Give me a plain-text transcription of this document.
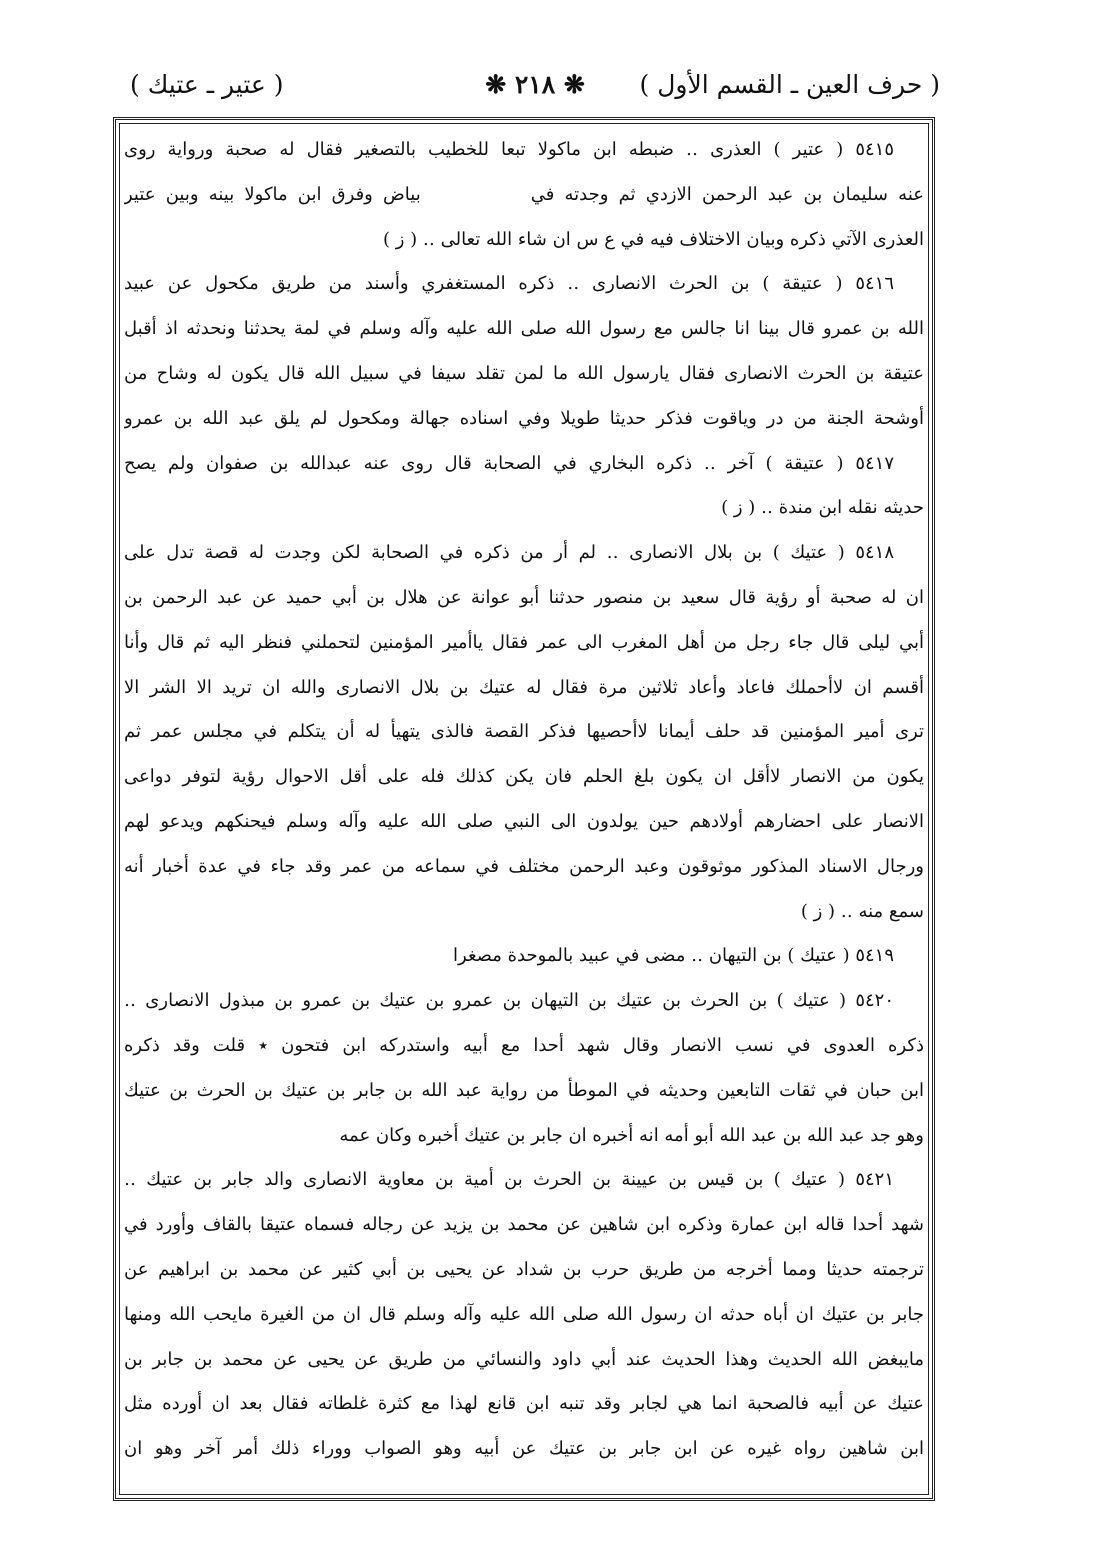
( حرف العين ـ القسم الأول )
❋ ٢١٨ ❋
( عتير ـ عتيك )
٥٤١٥ ( عتير ) العذرى ‥ ضبطه ابن ماكولا تبعا للخطيب بالتصغير فقال له صحبة ورواية روى
عنه سليمان بن عبد الرحمن الازدي ثم وجدته فيبياض وفرق ابن ماكولا بينه وبين عتير
العذرى الآتي ذكره وبيان الاختلاف فيه في ع س ان شاء الله تعالى ‥ ( ز )
٥٤١٦ ( عتيقة ) بن الحرث الانصارى ‥ ذكره المستغفري وأسند من طريق مكحول عن عبيد
الله بن عمرو قال بينا انا جالس مع رسول الله صلى الله عليه وآله وسلم في لمة يحدثنا ونحدثه اذ أقبل
عتيقة بن الحرث الانصارى فقال يارسول الله ما لمن تقلد سيفا في سبيل الله قال يكون له وشاح من
أوشحة الجنة من در وياقوت فذكر حديثا طويلا وفي اسناده جهالة ومكحول لم يلق عبد الله بن عمرو
٥٤١٧ ( عتيقة ) آخر ‥ ذكره البخاري في الصحابة قال روى عنه عبدالله بن صفوان ولم يصح
حديثه نقله ابن مندة ‥ ( ز )
٥٤١٨ ( عتيك ) بن بلال الانصارى ‥ لم أر من ذكره في الصحابة لكن وجدت له قصة تدل على
ان له صحبة أو رؤية قال سعيد بن منصور حدثنا أبو عوانة عن هلال بن أبي حميد عن عبد الرحمن بن
أبي ليلى قال جاء رجل من أهل المغرب الى عمر فقال ياأمير المؤمنين لتحملني فنظر اليه ثم قال وأنا
أقسم ان لاأحملك فاعاد وأعاد ثلاثين مرة فقال له عتيك بن بلال الانصارى والله ان تريد الا الشر الا
ترى أمير المؤمنين قد حلف أيمانا لاأحصيها فذكر القصة فالذى يتهيأ له أن يتكلم في مجلس عمر ثم
يكون من الانصار لاأقل ان يكون بلغ الحلم فان يكن كذلك فله على أقل الاحوال رؤية لتوفر دواعى
الانصار على احضارهم أولادهم حين يولدون الى النبي صلى الله عليه وآله وسلم فيحنكهم ويدعو لهم
ورجال الاسناد المذكور موثوقون وعبد الرحمن مختلف في سماعه من عمر وقد جاء في عدة أخبار أنه
سمع منه ‥ ( ز )
٥٤١٩ ( عتيك ) بن التيهان ‥ مضى في عبيد بالموحدة مصغرا
٥٤٢٠ ( عتيك ) بن الحرث بن عتيك بن التيهان بن عمرو بن عتيك بن عمرو بن مبذول الانصارى ‥
ذكره العدوى في نسب الانصار وقال شهد أحدا مع أبيه واستدركه ابن فتحون ٭ قلت وقد ذكره
ابن حبان في ثقات التابعين وحديثه في الموطأ من رواية عبد الله بن جابر بن عتيك بن الحرث بن عتيك
وهو جد عبد الله بن عبد الله أبو أمه انه أخبره ان جابر بن عتيك أخبره وكان عمه
٥٤٢١ ( عتيك ) بن قيس بن عيينة بن الحرث بن أمية بن معاوية الانصارى والد جابر بن عتيك ‥
شهد أحدا قاله ابن عمارة وذكره ابن شاهين عن محمد بن يزيد عن رجاله فسماه عتيقا بالقاف وأورد في
ترجمته حديثا ومما أخرجه من طريق حرب بن شداد عن يحيى بن أبي كثير عن محمد بن ابراهيم عن
جابر بن عتيك ان أباه حدثه ان رسول الله صلى الله عليه وآله وسلم قال ان من الغيرة مايحب الله ومنها
مايبغض الله الحديث وهذا الحديث عند أبي داود والنسائي من طريق عن يحيى عن محمد بن جابر بن
عتيك عن أبيه فالصحبة انما هي لجابر وقد تنبه ابن قانع لهذا مع كثرة غلطاته فقال بعد ان أورده مثل
ابن شاهين رواه غيره عن ابن جابر بن عتيك عن أبيه وهو الصواب ووراء ذلك أمر آخر وهو ان
